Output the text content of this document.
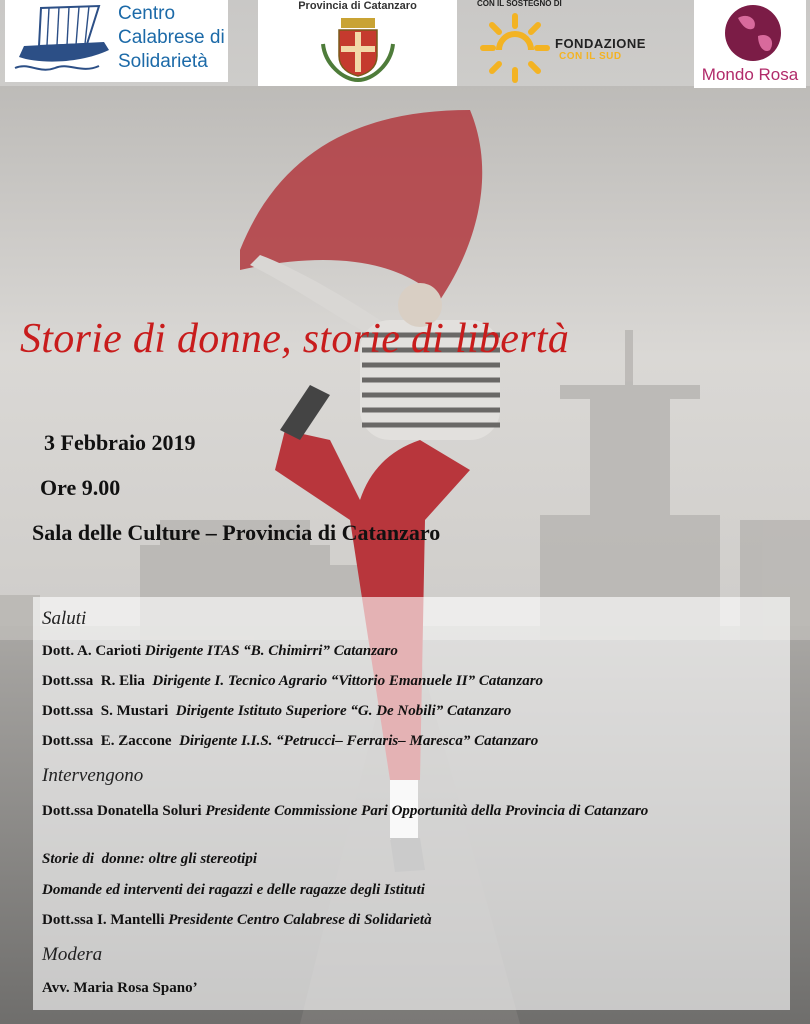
Centro
Calabrese di
Solidarietà
Provincia di Catanzaro	CON IL SOSTEGNO DI
FONDAZIONE
CON IL SUD
Mondo Rosa
Storie di donne, storie di libertà
3 Febbraio 2019
Ore 9.00
Sala delle Culture – Provincia di Catanzaro
Saluti
Dott. A. Carioti Dirigente ITAS “B. Chimirri” Catanzaro
Dott.ssa  R. Elia  Dirigente I. Tecnico Agrario “Vittorio Emanuele II” Catanzaro
Dott.ssa  S. Mustari  Dirigente Istituto Superiore “G. De Nobili” Catanzaro
Dott.ssa  E. Zaccone  Dirigente I.I.S. “Petrucci– Ferraris– Maresca” Catanzaro
Intervengono
Dott.ssa Donatella Soluri Presidente Commissione Pari Opportunità della Provincia di Catanzaro
Storie di  donne: oltre gli stereotipi
Domande ed interventi dei ragazzi e delle ragazze degli Istituti
Dott.ssa I. Mantelli Presidente Centro Calabrese di Solidarietà
Modera
Avv. Maria Rosa Spano’
